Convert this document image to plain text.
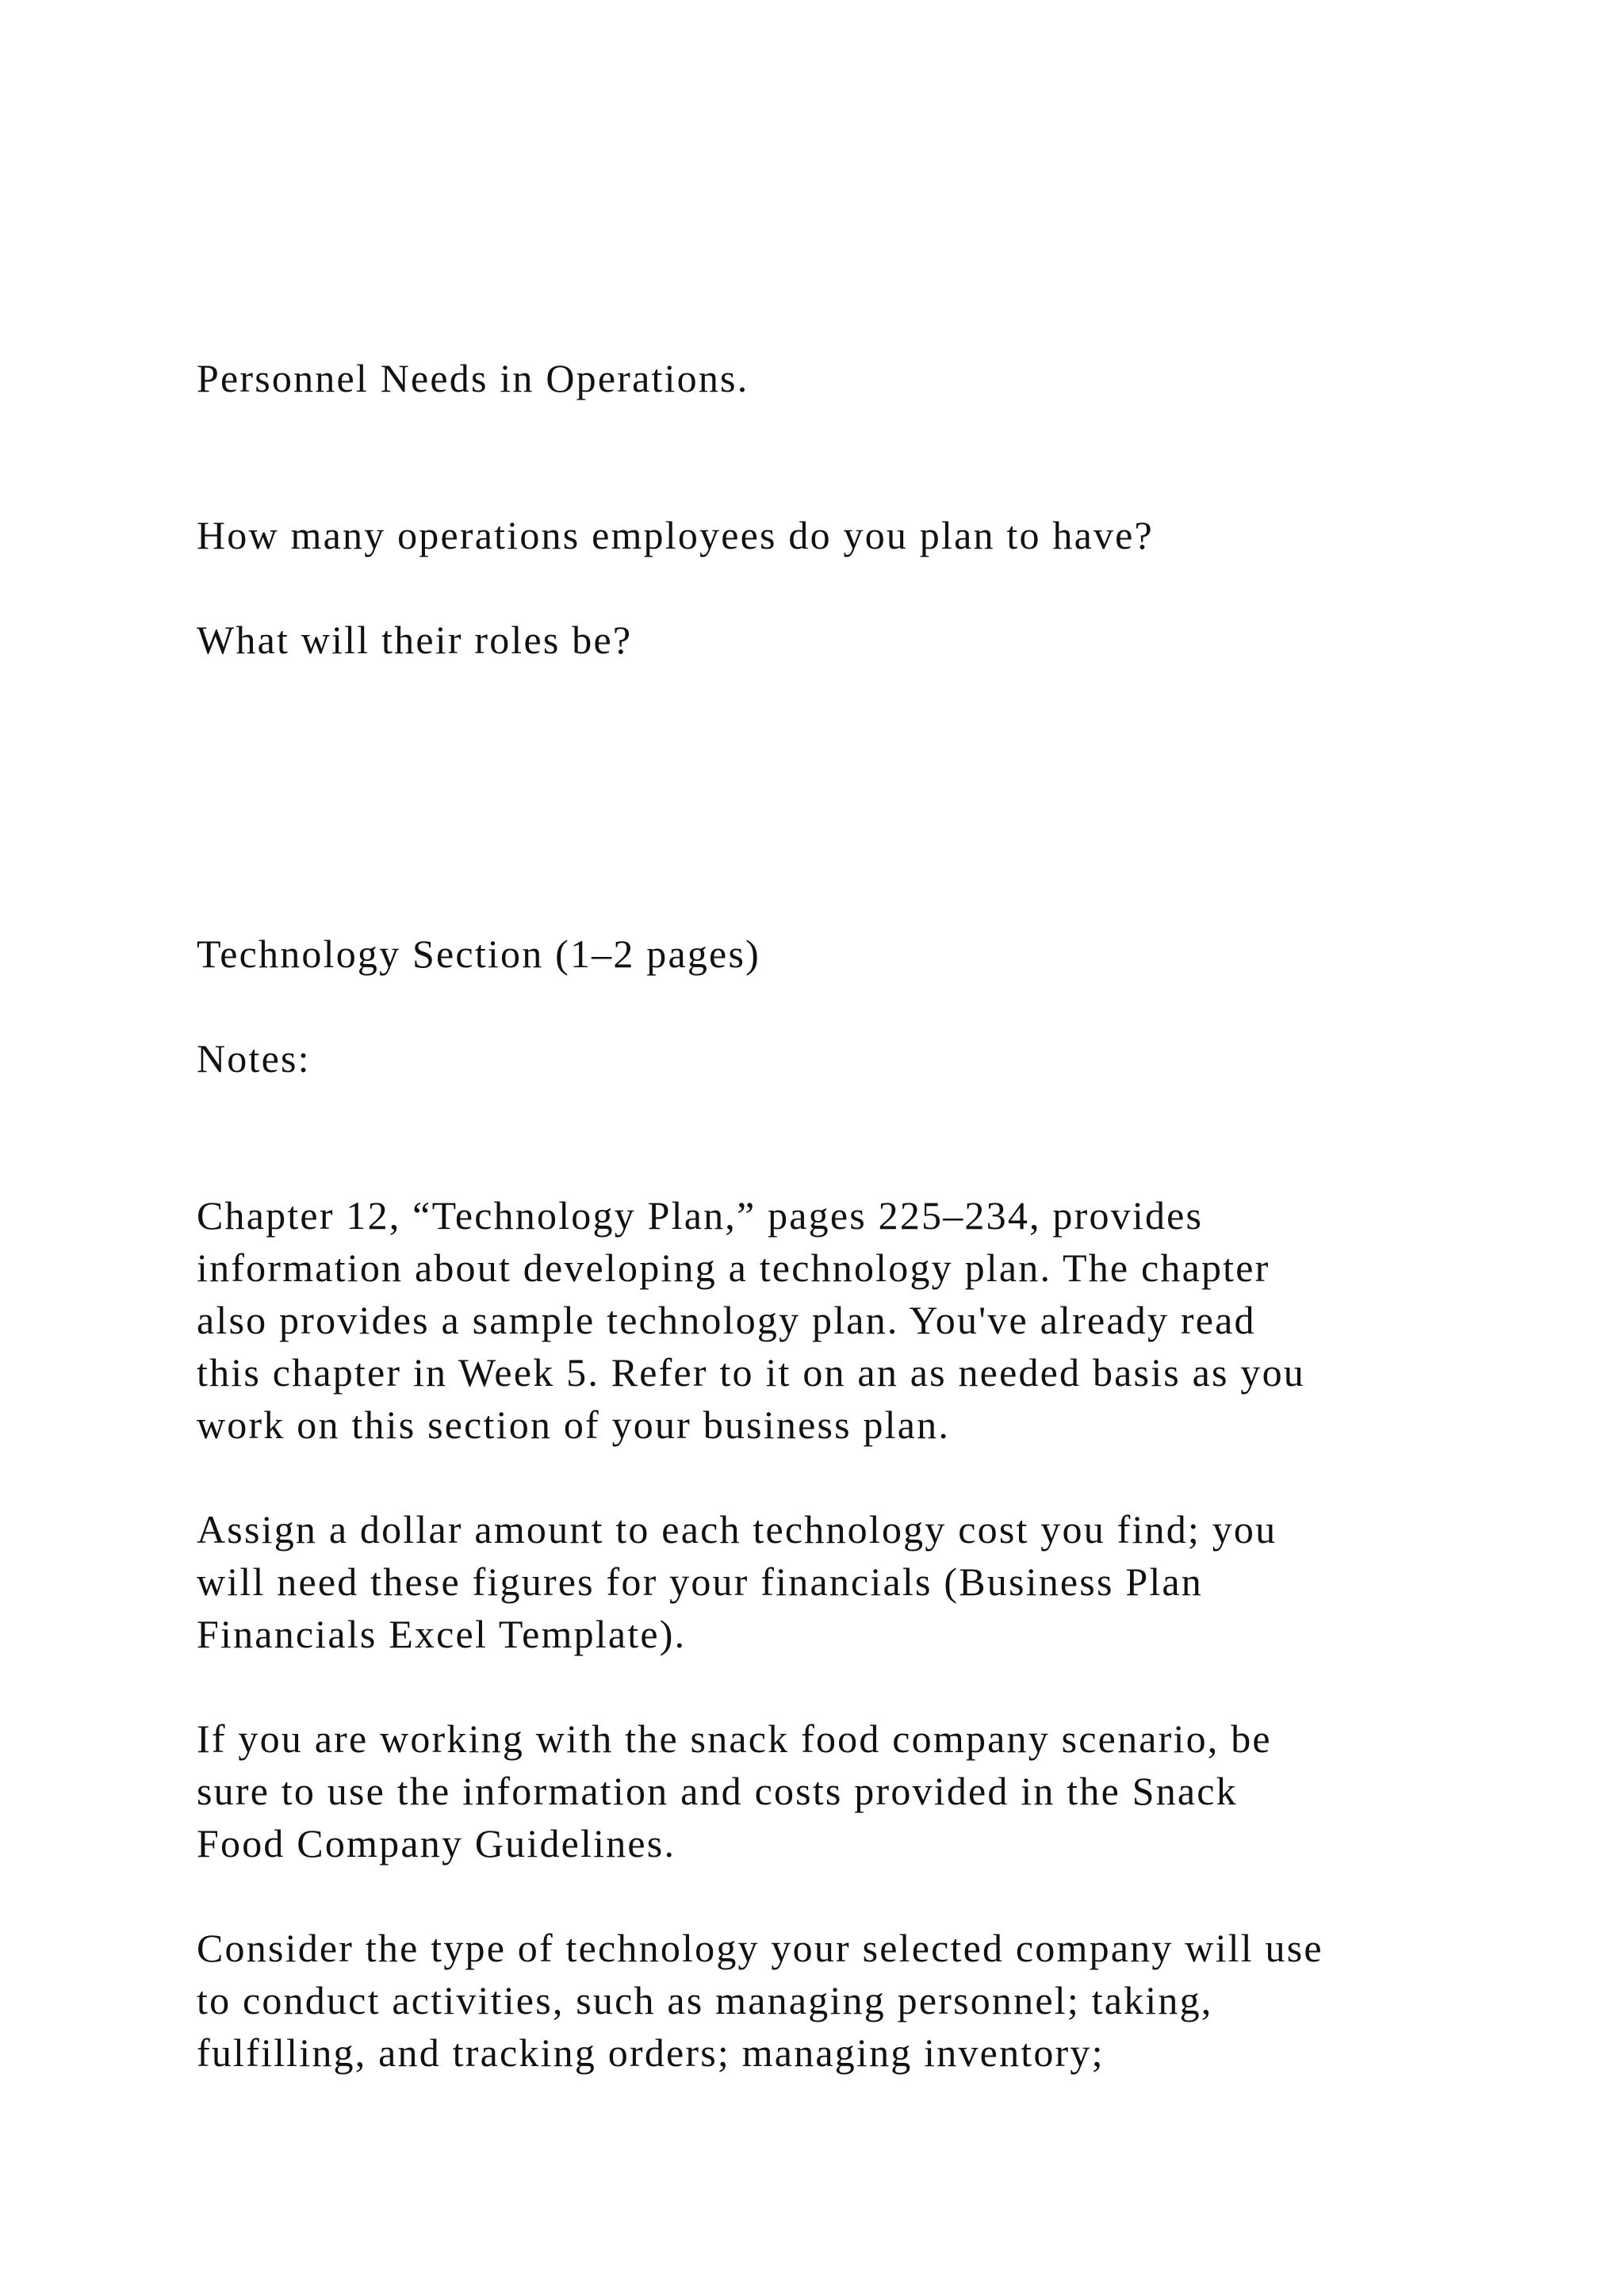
Personnel Needs in Operations.
How many operations employees do you plan to have?
What will their roles be?
Technology Section (1–2 pages)
Notes:
Chapter 12, “Technology Plan,” pages 225–234, provides
information about developing a technology plan. The chapter
also provides a sample technology plan. You've already read
this chapter in Week 5. Refer to it on an as needed basis as you
work on this section of your business plan.
Assign a dollar amount to each technology cost you find; you
will need these figures for your financials (Business Plan
Financials Excel Template).
If you are working with the snack food company scenario, be
sure to use the information and costs provided in the Snack
Food Company Guidelines.
Consider the type of technology your selected company will use
to conduct activities, such as managing personnel; taking,
fulfilling, and tracking orders; managing inventory;
